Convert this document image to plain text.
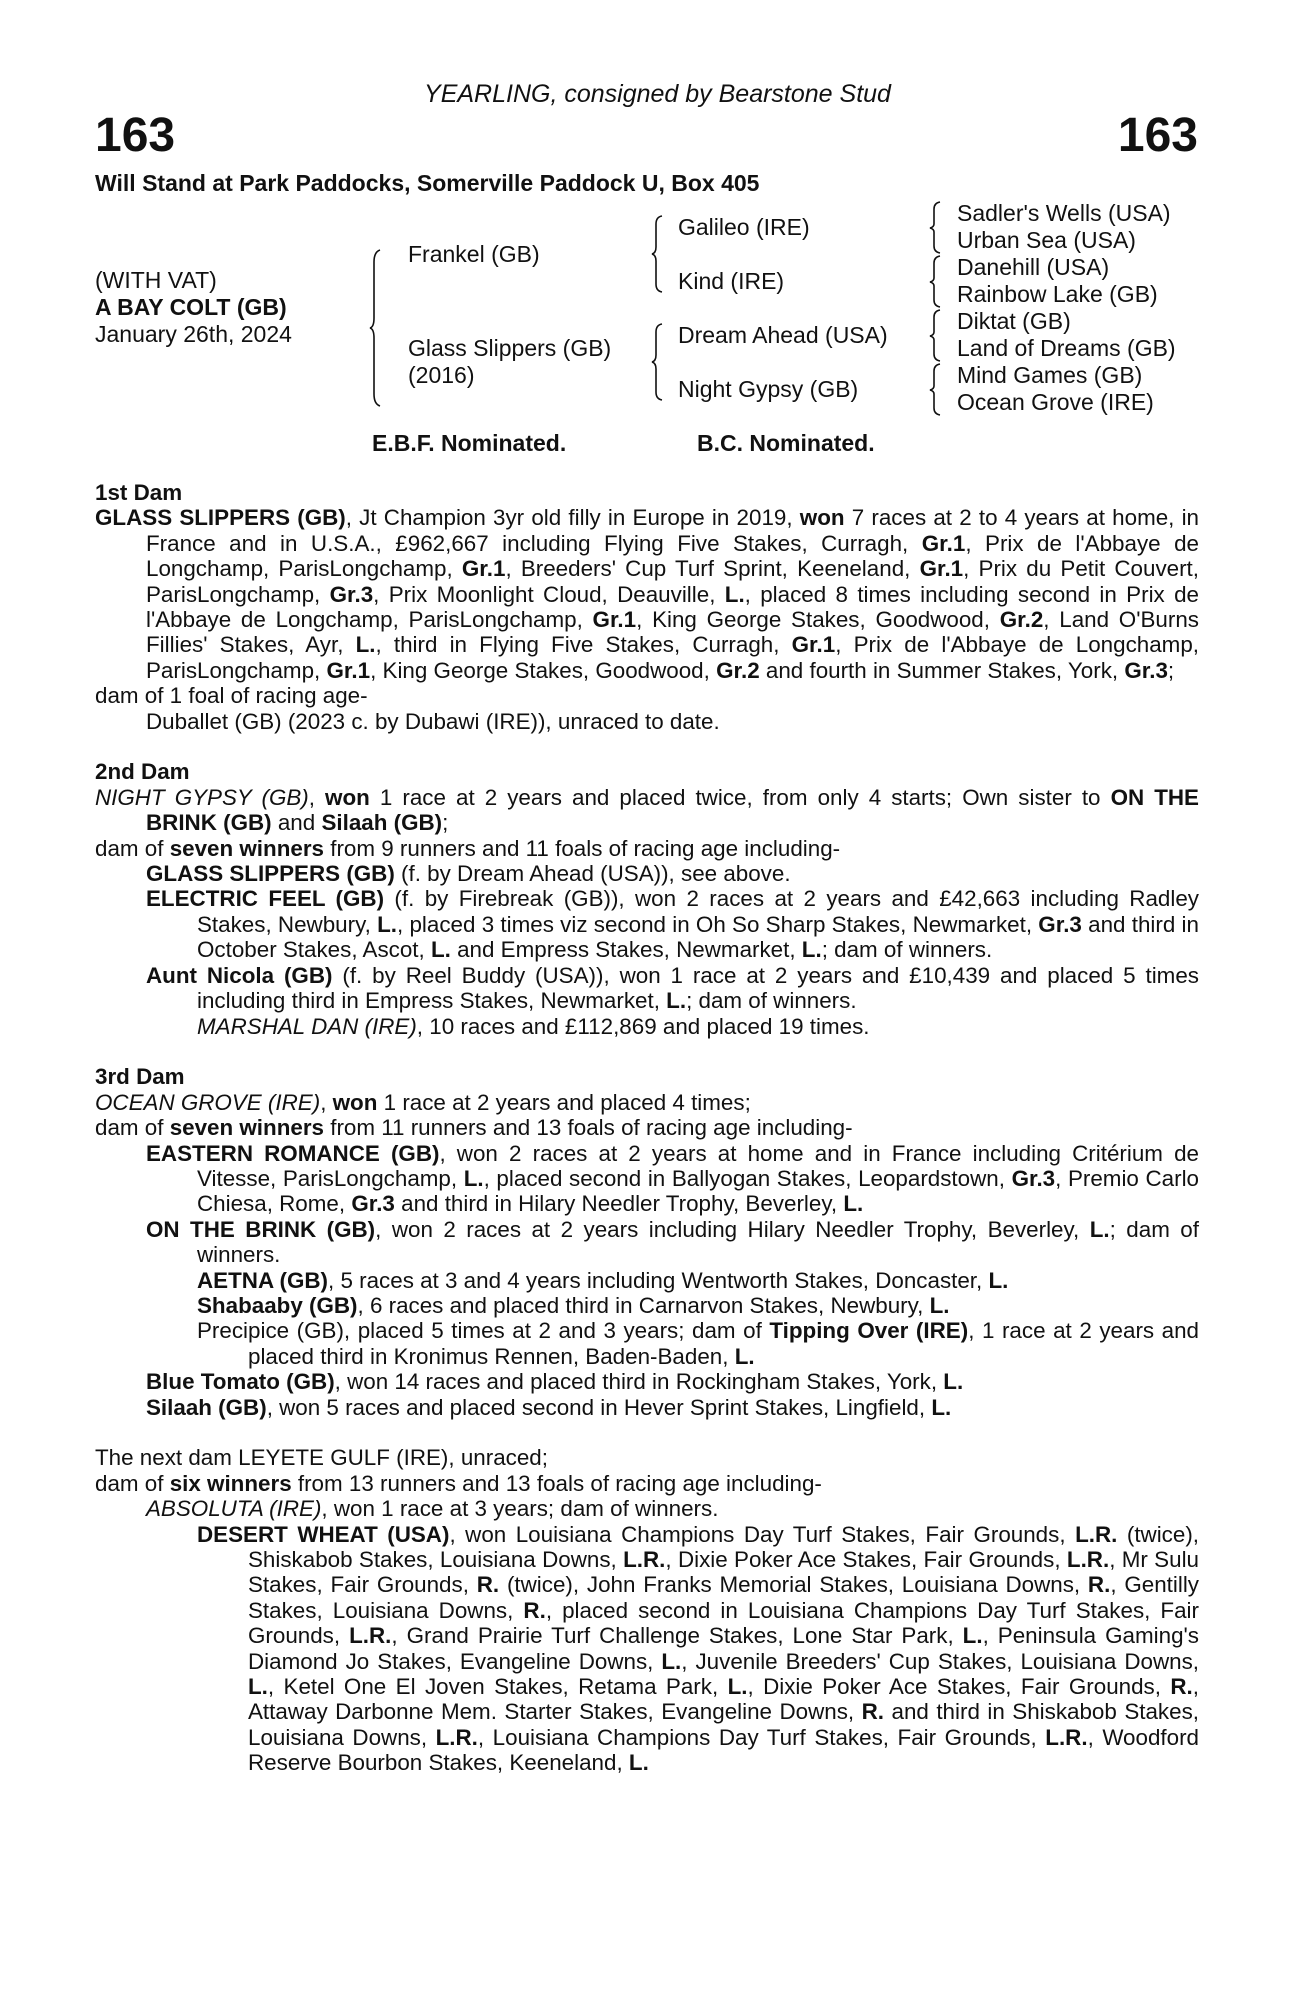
YEARLING, consigned by Bearstone Stud
163	163
Will Stand at Park Paddocks, Somerville Paddock U, Box 405
(WITH VAT)
A BAY COLT (GB)
January 26th, 2024
Frankel (GB)
Glass Slippers (GB)
(2016)
Galileo (IRE)
Kind (IRE)
Dream Ahead (USA)
Night Gypsy (GB)
Sadler's Wells (USA)
Urban Sea (USA)
Danehill (USA)
Rainbow Lake (GB)
Diktat (GB)
Land of Dreams (GB)
Mind Games (GB)
Ocean Grove (IRE)
E.B.F. Nominated.	B.C. Nominated.
1st Dam
GLASS SLIPPERS (GB), Jt Champion 3yr old filly in Europe in 2019, won 7 races at 2 to 4 years at home, in France and in U.S.A., £962,667 including Flying Five Stakes, Curragh, Gr.1, Prix de l'Abbaye de Longchamp, ParisLongchamp, Gr.1, Breeders' Cup Turf Sprint, Keeneland, Gr.1, Prix du Petit Couvert, ParisLongchamp, Gr.3, Prix Moonlight Cloud, Deauville, L., placed 8 times including second in Prix de l'Abbaye de Longchamp, ParisLongchamp, Gr.1, King George Stakes, Goodwood, Gr.2, Land O'Burns Fillies' Stakes, Ayr, L., third in Flying Five Stakes, Curragh, Gr.1, Prix de l'Abbaye de Longchamp, ParisLongchamp, Gr.1, King George Stakes, Goodwood, Gr.2 and fourth in Summer Stakes, York, Gr.3;
dam of 1 foal of racing age-
Duballet (GB) (2023 c. by Dubawi (IRE)), unraced to date.
2nd Dam
NIGHT GYPSY (GB), won 1 race at 2 years and placed twice, from only 4 starts; Own sister to ON THE BRINK (GB) and Silaah (GB);
dam of seven winners from 9 runners and 11 foals of racing age including-
GLASS SLIPPERS (GB) (f. by Dream Ahead (USA)), see above.
ELECTRIC FEEL (GB) (f. by Firebreak (GB)), won 2 races at 2 years and £42,663 including Radley Stakes, Newbury, L., placed 3 times viz second in Oh So Sharp Stakes, Newmarket, Gr.3 and third in October Stakes, Ascot, L. and Empress Stakes, Newmarket, L.; dam of winners.
Aunt Nicola (GB) (f. by Reel Buddy (USA)), won 1 race at 2 years and £10,439 and placed 5 times including third in Empress Stakes, Newmarket, L.; dam of winners.
MARSHAL DAN (IRE), 10 races and £112,869 and placed 19 times.
3rd Dam
OCEAN GROVE (IRE), won 1 race at 2 years and placed 4 times;
dam of seven winners from 11 runners and 13 foals of racing age including-
EASTERN ROMANCE (GB), won 2 races at 2 years at home and in France including Critérium de Vitesse, ParisLongchamp, L., placed second in Ballyogan Stakes, Leopardstown, Gr.3, Premio Carlo Chiesa, Rome, Gr.3 and third in Hilary Needler Trophy, Beverley, L.
ON THE BRINK (GB), won 2 races at 2 years including Hilary Needler Trophy, Beverley, L.; dam of winners.
AETNA (GB), 5 races at 3 and 4 years including Wentworth Stakes, Doncaster, L.
Shabaaby (GB), 6 races and placed third in Carnarvon Stakes, Newbury, L.
Precipice (GB), placed 5 times at 2 and 3 years; dam of Tipping Over (IRE), 1 race at 2 years and placed third in Kronimus Rennen, Baden-Baden, L.
Blue Tomato (GB), won 14 races and placed third in Rockingham Stakes, York, L.
Silaah (GB), won 5 races and placed second in Hever Sprint Stakes, Lingfield, L.
The next dam LEYETE GULF (IRE), unraced;
dam of six winners from 13 runners and 13 foals of racing age including-
ABSOLUTA (IRE), won 1 race at 3 years; dam of winners.
DESERT WHEAT (USA), won Louisiana Champions Day Turf Stakes, Fair Grounds, L.R. (twice), Shiskabob Stakes, Louisiana Downs, L.R., Dixie Poker Ace Stakes, Fair Grounds, L.R., Mr Sulu Stakes, Fair Grounds, R. (twice), John Franks Memorial Stakes, Louisiana Downs, R., Gentilly Stakes, Louisiana Downs, R., placed second in Louisiana Champions Day Turf Stakes, Fair Grounds, L.R., Grand Prairie Turf Challenge Stakes, Lone Star Park, L., Peninsula Gaming's Diamond Jo Stakes, Evangeline Downs, L., Juvenile Breeders' Cup Stakes, Louisiana Downs, L., Ketel One El Joven Stakes, Retama Park, L., Dixie Poker Ace Stakes, Fair Grounds, R., Attaway Darbonne Mem. Starter Stakes, Evangeline Downs, R. and third in Shiskabob Stakes, Louisiana Downs, L.R., Louisiana Champions Day Turf Stakes, Fair Grounds, L.R., Woodford Reserve Bourbon Stakes, Keeneland, L.
